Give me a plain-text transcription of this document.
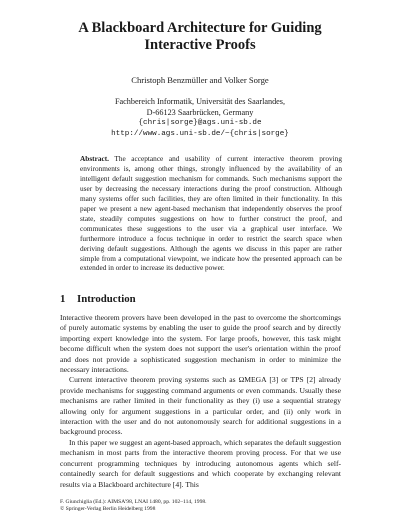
A Blackboard Architecture for Guiding
Interactive Proofs
Christoph Benzmüller and Volker Sorge
Fachbereich Informatik, Universität des Saarlandes,
D-66123 Saarbrücken, Germany
{chris|sorge}@ags.uni-sb.de
http://www.ags.uni-sb.de/~{chris|sorge}
Abstract. The acceptance and usability of current interactive theorem proving environments is, among other things, strongly influenced by the availability of an intelligent default suggestion mechanism for commands. Such mechanisms support the user by decreasing the necessary interactions during the proof construction. Although many systems offer such facilities, they are often limited in their functionality. In this paper we present a new agent-based mechanism that independently observes the proof state, steadily computes suggestions on how to further construct the proof, and communicates these suggestions to the user via a graphical user interface. We furthermore introduce a focus technique in order to restrict the search space when deriving default suggestions. Although the agents we discuss in this paper are rather simple from a computational viewpoint, we indicate how the presented approach can be extended in order to increase its deductive power.
1 Introduction

Interactive theorem provers have been developed in the past to overcome the shortcomings of purely automatic systems by enabling the user to guide the proof search and by directly importing expert knowledge into the system. For large proofs, however, this task might become difficult when the system does not support the user's orientation within the proof and does not provide a sophisticated suggestion mechanism in order to minimize the necessary interactions.

Current interactive theorem proving systems such as ΩMEGA [3] or TPS [2] already provide mechanisms for suggesting command arguments or even commands. Usually these mechanisms are rather limited in their functionality as they (i) use a sequential strategy allowing only for argument suggestions in a particular order, and (ii) only work in interaction with the user and do not autonomously search for additional suggestions in a background process.

In this paper we suggest an agent-based approach, which separates the default suggestion mechanism in most parts from the interactive theorem proving process. For that we use concurrent programming techniques by introducing autonomous agents which self-containedly search for default suggestions and which cooperate by exchanging relevant results via a Blackboard architecture [4]. This

F. Giunchiglia (Ed.): AIMSA'98, LNAI 1480, pp. 102–114, 1998.
© Springer-Verlag Berlin Heidelberg 1998
